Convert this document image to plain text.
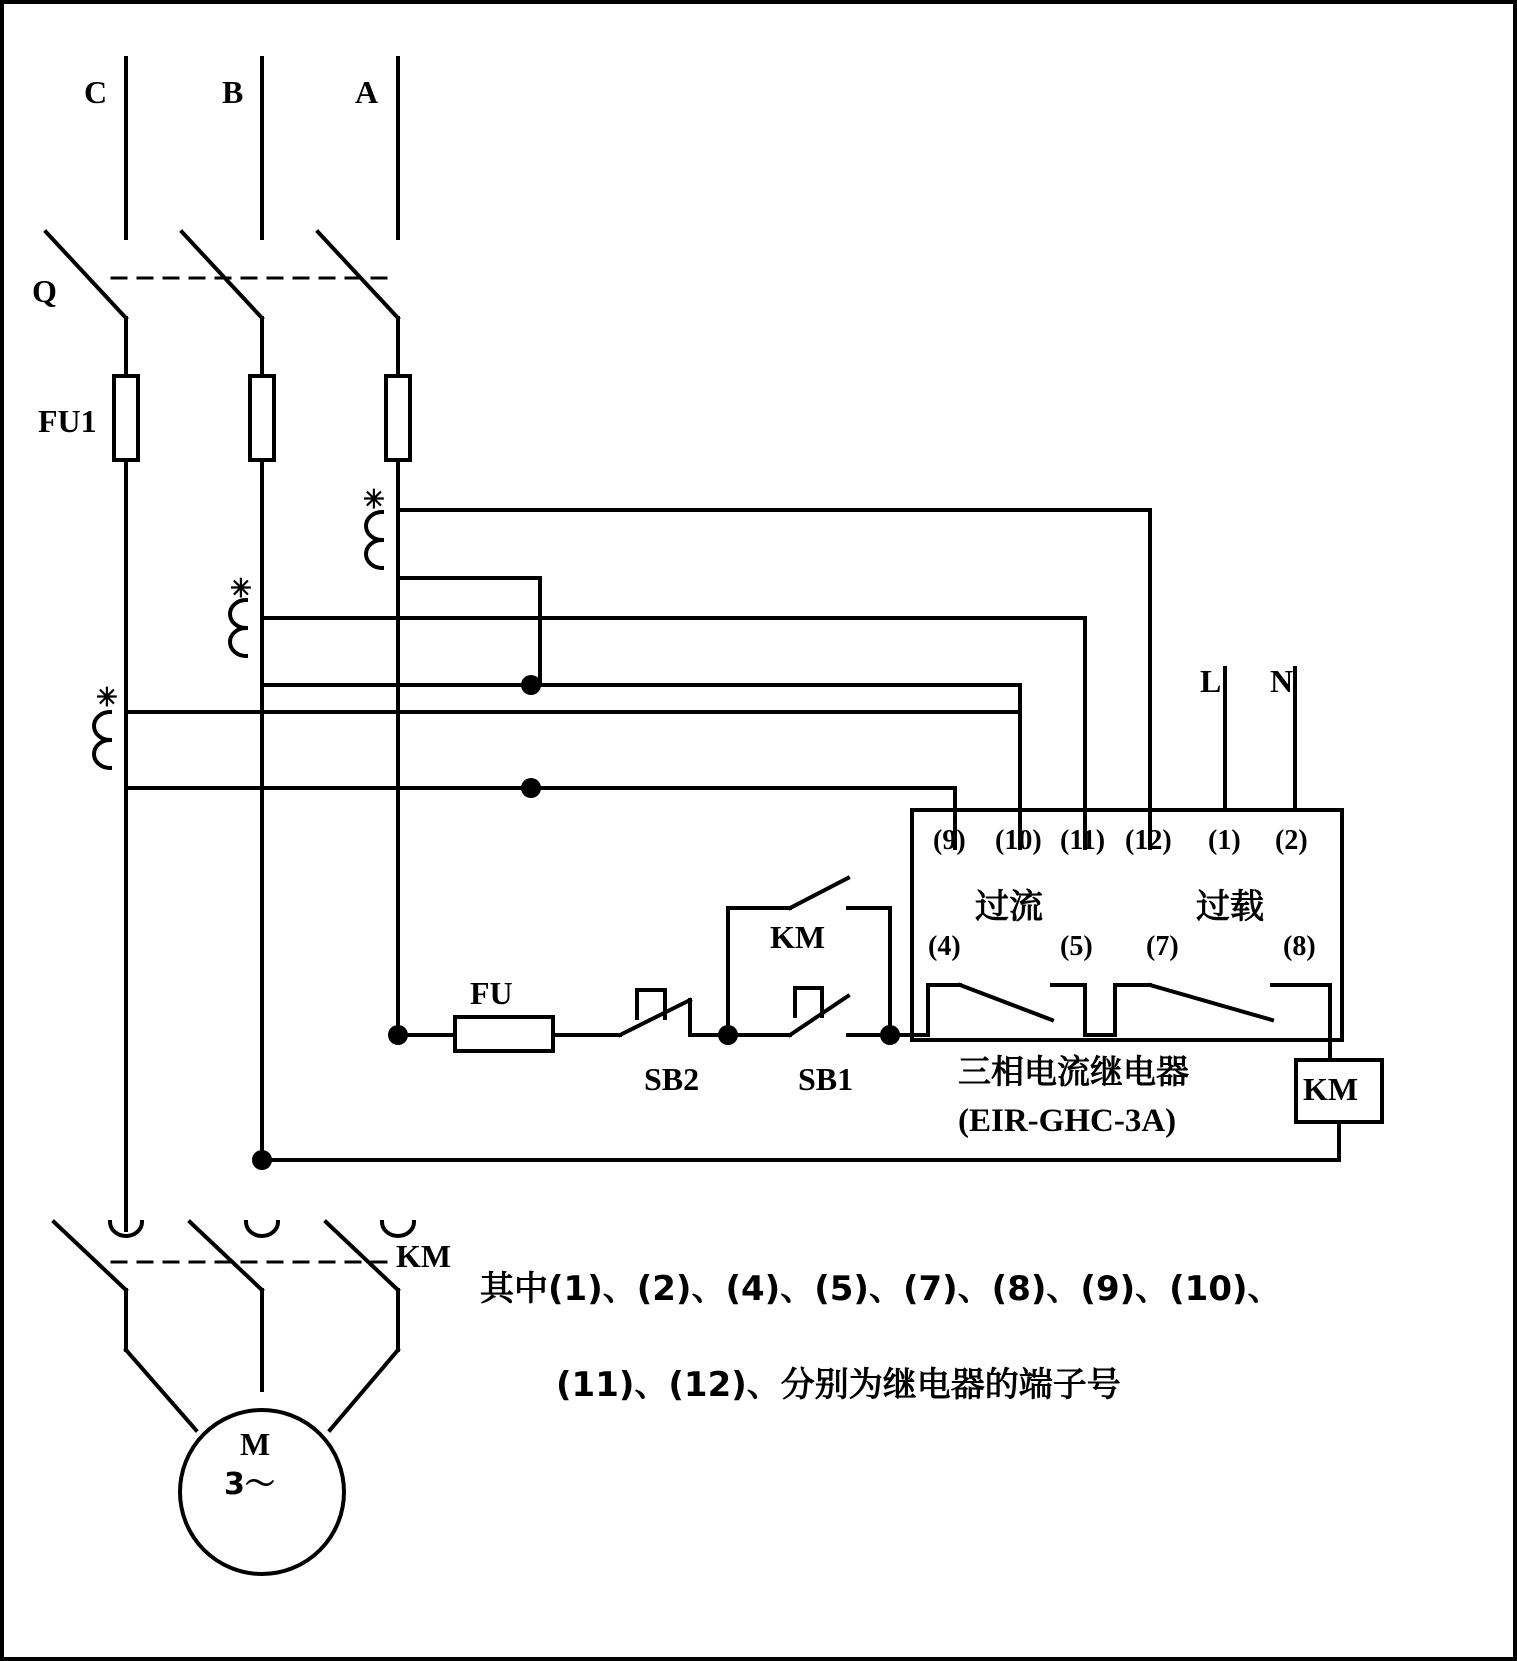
C	B	A
Q
FU1
FU
SB2	SB1
KM
KM
KM
L N
M
3〜
✳
✳
✳
(9) (10) (11) (12) (1) (2)
过流	过载
(4)	(5) (7)	(8)
三相电流继电器
(EIR-GHC-3A)
其中(1)、(2)、(4)、(5)、(7)、(8)、(9)、(10)、
(11)、(12)、分别为继电器的端子号
